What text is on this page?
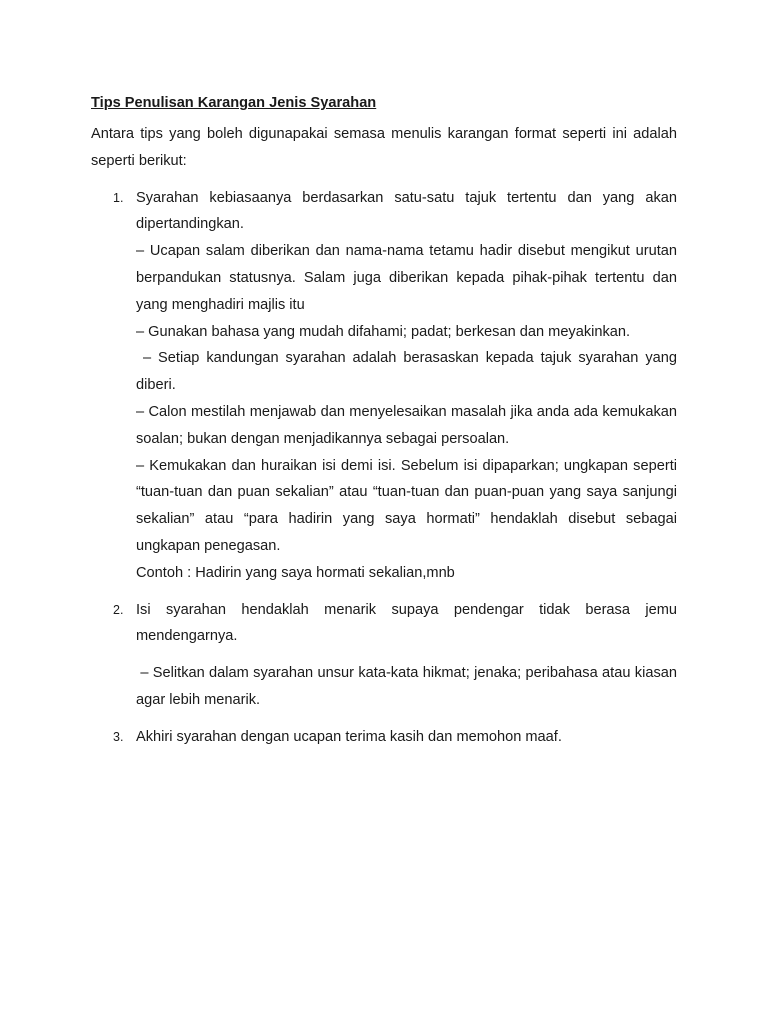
Tips Penulisan Karangan Jenis Syarahan
Antara tips yang boleh digunapakai semasa menulis karangan format seperti ini adalah seperti berikut:
1. Syarahan kebiasaanya berdasarkan satu-satu tajuk tertentu dan yang akan dipertandingkan.

– Ucapan salam diberikan dan nama-nama tetamu hadir disebut mengikut urutan berpandukan statusnya. Salam juga diberikan kepada pihak-pihak tertentu dan yang menghadiri majlis itu

– Gunakan bahasa yang mudah difahami; padat; berkesan dan meyakinkan.

– Setiap kandungan syarahan adalah berasaskan kepada tajuk syarahan yang diberi.

– Calon mestilah menjawab dan menyelesaikan masalah jika anda ada kemukakan soalan; bukan dengan menjadikannya sebagai persoalan.

– Kemukakan dan huraikan isi demi isi. Sebelum isi dipaparkan; ungkapan seperti “tuan-tuan dan puan sekalian” atau “tuan-tuan dan puan-puan yang saya sanjungi sekalian” atau “para hadirin yang saya hormati” hendaklah disebut sebagai ungkapan penegasan.

Contoh : Hadirin yang saya hormati sekalian,mnb

2. Isi syarahan hendaklah menarik supaya pendengar tidak berasa jemu mendengarnya.

– Selitkan dalam syarahan unsur kata-kata hikmat; jenaka; peribahasa atau kiasan agar lebih menarik.

3. Akhiri syarahan dengan ucapan terima kasih dan memohon maaf.
